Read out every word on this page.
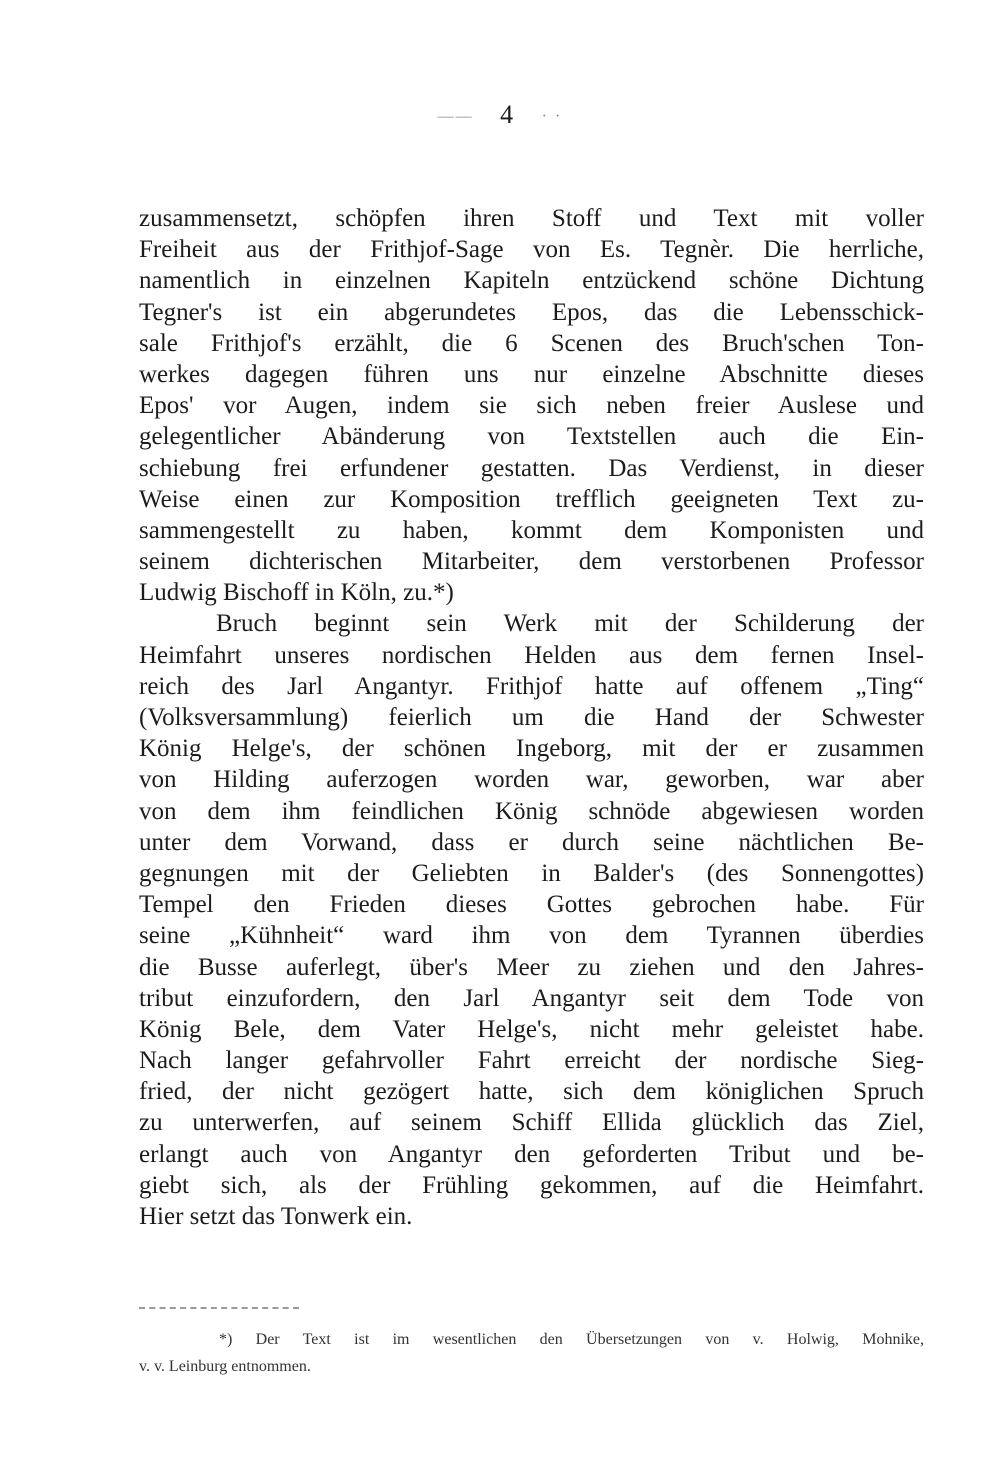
——    4    · ·
zusammensetzt, schöpfen ihren Stoff und Text mit voller
Freiheit aus der Frithjof-Sage von Es. Tegnèr. Die herrliche,
namentlich in einzelnen Kapiteln entzückend schöne Dichtung
Tegner's ist ein abgerundetes Epos, das die Lebensschick-
sale Frithjof's erzählt, die 6 Scenen des Bruch'schen Ton-
werkes dagegen führen uns nur einzelne Abschnitte dieses
Epos' vor Augen, indem sie sich neben freier Auslese und
gelegentlicher Abänderung von Textstellen auch die Ein-
schiebung frei erfundener gestatten. Das Verdienst, in dieser
Weise einen zur Komposition trefflich geeigneten Text zu-
sammengestellt zu haben, kommt dem Komponisten und
seinem dichterischen Mitarbeiter, dem verstorbenen Professor
Ludwig Bischoff in Köln, zu.*)
Bruch beginnt sein Werk mit der Schilderung der
Heimfahrt unseres nordischen Helden aus dem fernen Insel-
reich des Jarl Angantyr. Frithjof hatte auf offenem „Ting“
(Volksversammlung) feierlich um die Hand der Schwester
König Helge's, der schönen Ingeborg, mit der er zusammen
von Hilding auferzogen worden war, geworben, war aber
von dem ihm feindlichen König schnöde abgewiesen worden
unter dem Vorwand, dass er durch seine nächtlichen Be-
gegnungen mit der Geliebten in Balder's (des Sonnengottes)
Tempel den Frieden dieses Gottes gebrochen habe. Für
seine „Kühnheit“ ward ihm von dem Tyrannen überdies
die Busse auferlegt, über's Meer zu ziehen und den Jahres-
tribut einzufordern, den Jarl Angantyr seit dem Tode von
König Bele, dem Vater Helge's, nicht mehr geleistet habe.
Nach langer gefahrvoller Fahrt erreicht der nordische Sieg-
fried, der nicht gezögert hatte, sich dem königlichen Spruch
zu unterwerfen, auf seinem Schiff Ellida glücklich das Ziel,
erlangt auch von Angantyr den geforderten Tribut und be-
giebt sich, als der Frühling gekommen, auf die Heimfahrt.
Hier setzt das Tonwerk ein.
*) Der Text ist im wesentlichen den Übersetzungen von v. Holwig, Mohnike,
v. v. Leinburg entnommen.
